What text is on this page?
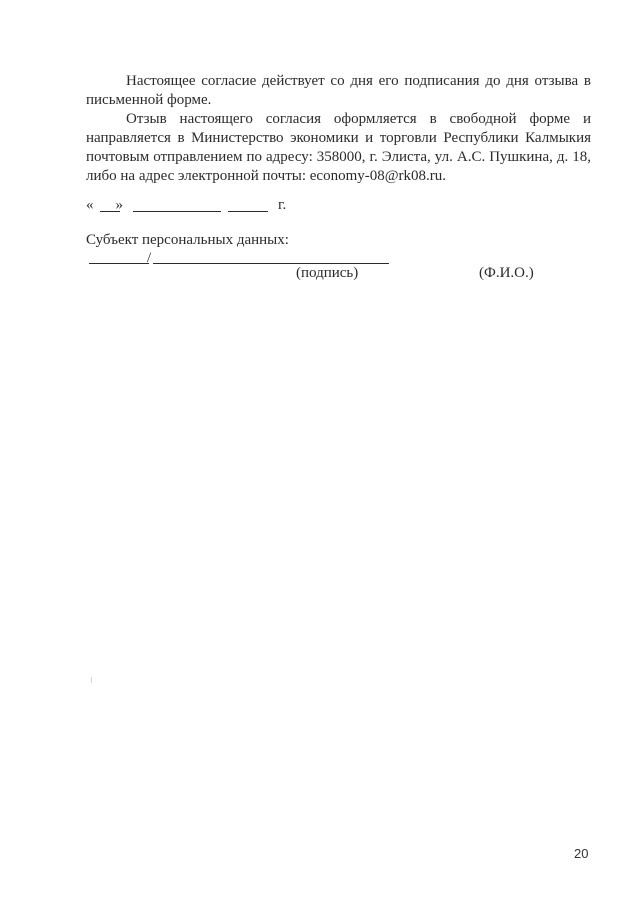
Настоящее согласие действует со дня его подписания до дня отзыва в письменной форме.

Отзыв настоящего согласия оформляется в свободной форме и направляется в Министерство экономики и торговли Республики Калмыкия почтовым отправлением по адресу: 358000, г. Элиста, ул. А.С. Пушкина, д. 18, либо на адрес электронной почты: economy-08@rk08.ru.

« »	г.
Субъект персональных данных:
/
(подпись)	(Ф.И.О.)
20
